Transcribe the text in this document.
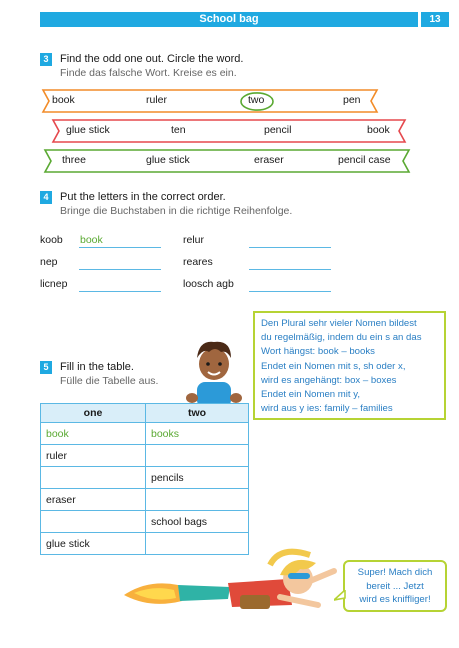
School bag	13
3	Find the odd one out. Circle the word.
Finde das falsche Wort. Kreise es ein.
book	ruler	two	pen
glue stick	ten	pencil	book
three	glue stick	eraser	pencil case
4	Put the letters in the correct order.
Bringe die Buchstaben in die richtige Reihenfolge.
koob book
nep
licnep
relur
reares
loosch agb
Den Plural sehr vieler Nomen bildest
du regelmäßig, indem du ein s an das
Wort hängst: book – books
Endet ein Nomen mit s, sh oder x,
wird es angehängt: box – boxes
Endet ein Nomen mit y,
wird aus y ies: family – families
5	Fill in the table.
Fülle die Tabelle aus.
one	two
book	books
ruler	
	pencils
eraser	
	school bags
glue stick	
Super! Mach dich
bereit ... Jetzt
wird es kniffliger!
